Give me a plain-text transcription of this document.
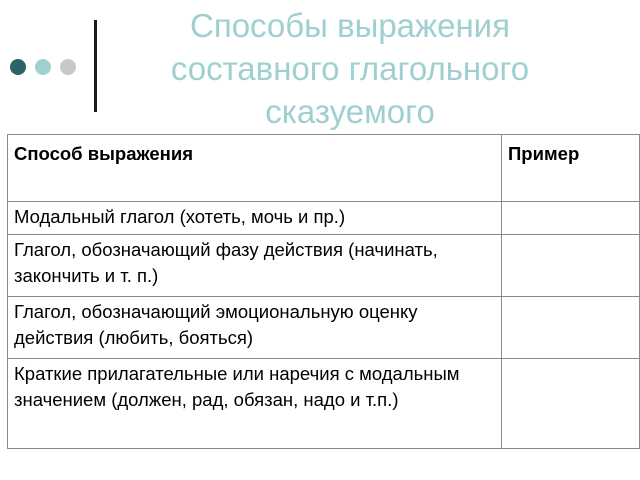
Способы выражения
составного глагольного
сказуемого
Способ выражения	Пример
Модальный глагол (хотеть, мочь и пр.)	
Глагол, обозначающий фазу действия (начинать, закончить и т. п.)	
Глагол, обозначающий эмоциональную оценку действия (любить, бояться)	
Краткие прилагательные или наречия с модальным значением (должен, рад, обязан, надо и т.п.)	
